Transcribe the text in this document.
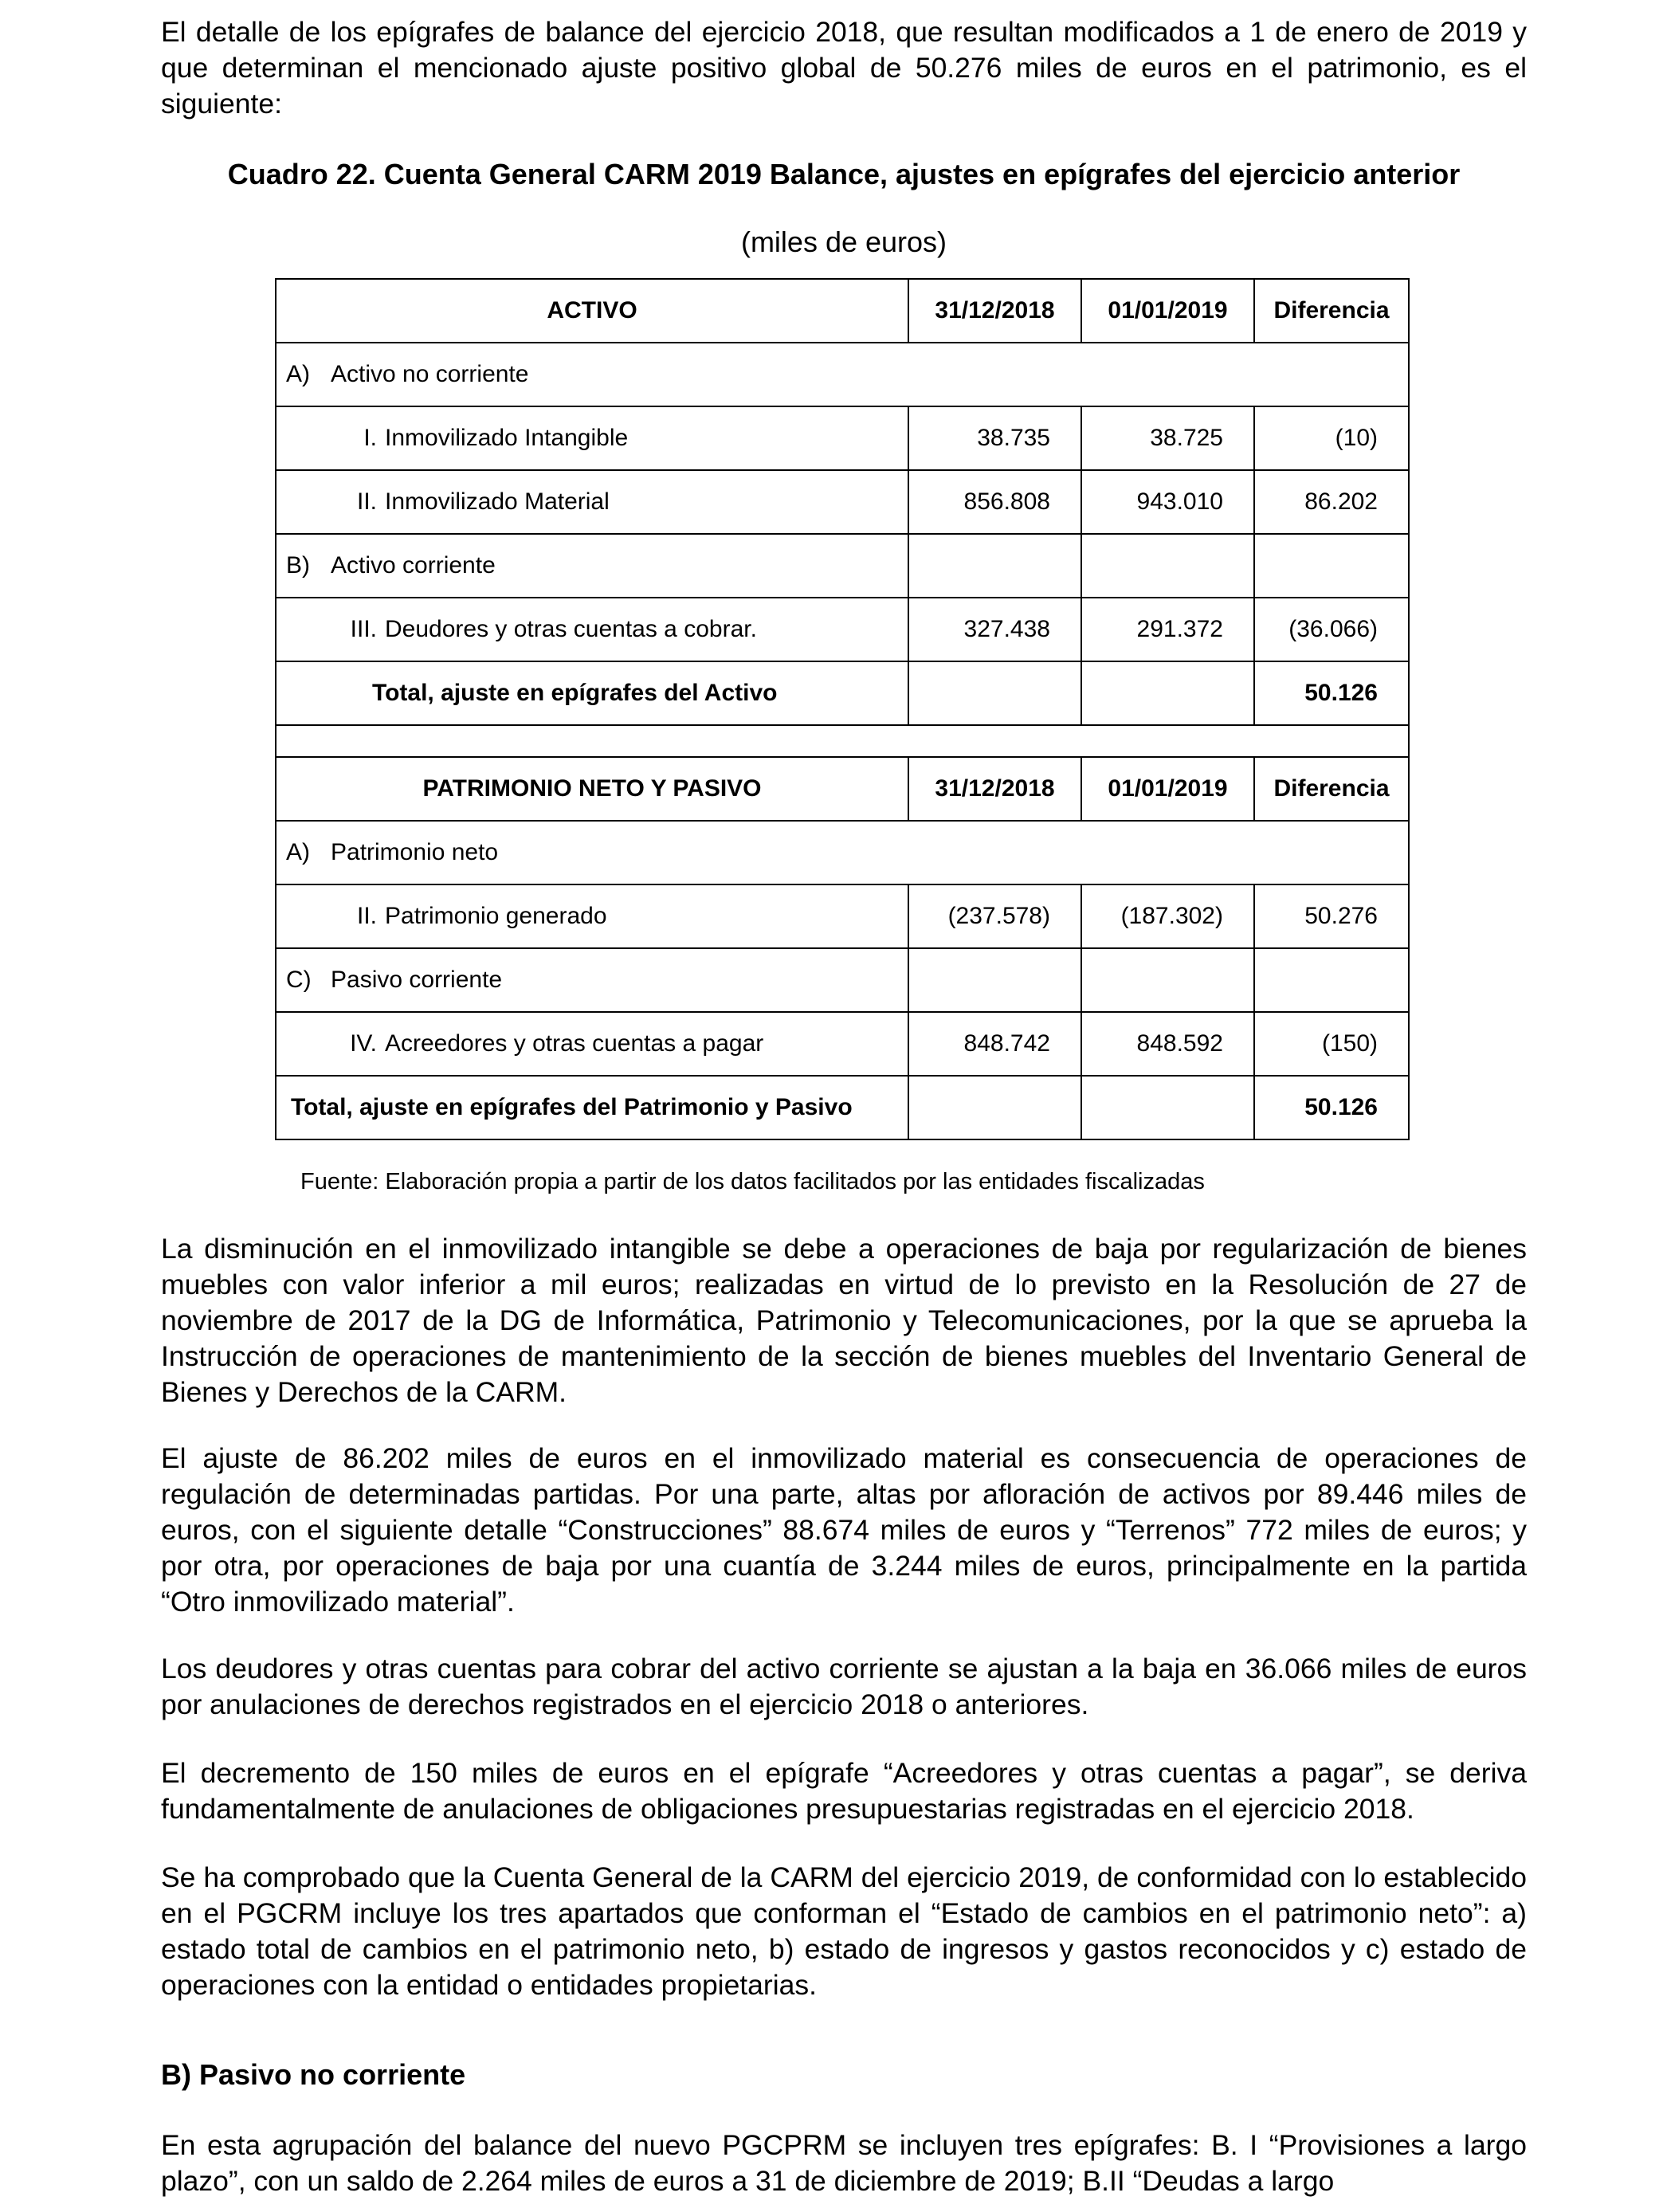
El detalle de los epígrafes de balance del ejercicio 2018, que resultan modificados a 1 de enero de 2019 y que determinan el mencionado ajuste positivo global de 50.276 miles de euros en el patrimonio, es el siguiente:

Cuadro 22. Cuenta General CARM 2019 Balance, ajustes en epígrafes del ejercicio anterior
(miles de euros)
ACTIVO	31/12/2018	01/01/2019	Diferencia
A) Activo no corriente			
I. Inmovilizado Intangible	38.735	38.725	(10)
II. Inmovilizado Material	856.808	943.010	86.202
B) Activo corriente			
III. Deudores y otras cuentas a cobrar.	327.438	291.372	(36.066)
Total, ajuste en epígrafes del Activo			50.126

PATRIMONIO NETO Y PASIVO	31/12/2018	01/01/2019	Diferencia
A) Patrimonio neto			
II. Patrimonio generado	(237.578)	(187.302)	50.276
C) Pasivo corriente			
IV. Acreedores y otras cuentas a pagar	848.742	848.592	(150)
Total, ajuste en epígrafes del Patrimonio y Pasivo			50.126
Fuente: Elaboración propia a partir de los datos facilitados por las entidades fiscalizadas

La disminución en el inmovilizado intangible se debe a operaciones de baja por regularización de bienes muebles con valor inferior a mil euros; realizadas en virtud de lo previsto en la Resolución de 27 de noviembre de 2017 de la DG de Informática, Patrimonio y Telecomunicaciones, por la que se aprueba la Instrucción de operaciones de mantenimiento de la sección de bienes muebles del Inventario General de Bienes y Derechos de la CARM.

El ajuste de 86.202 miles de euros en el inmovilizado material es consecuencia de operaciones de regulación de determinadas partidas. Por una parte, altas por afloración de activos por 89.446 miles de euros, con el siguiente detalle “Construcciones” 88.674 miles de euros y “Terrenos” 772 miles de euros; y por otra, por operaciones de baja por una cuantía de 3.244 miles de euros, principalmente en la partida “Otro inmovilizado material”.

Los deudores y otras cuentas para cobrar del activo corriente se ajustan a la baja en 36.066 miles de euros por anulaciones de derechos registrados en el ejercicio 2018 o anteriores.

El decremento de 150 miles de euros en el epígrafe “Acreedores y otras cuentas a pagar”, se deriva fundamentalmente de anulaciones de obligaciones presupuestarias registradas en el ejercicio 2018.

Se ha comprobado que la Cuenta General de la CARM del ejercicio 2019, de conformidad con lo establecido en el PGCRM incluye los tres apartados que conforman el “Estado de cambios en el patrimonio neto”: a) estado total de cambios en el patrimonio neto, b) estado de ingresos y gastos reconocidos y c) estado de operaciones con la entidad o entidades propietarias.

B) Pasivo no corriente

En esta agrupación del balance del nuevo PGCPRM se incluyen tres epígrafes: B. I “Provisiones a largo plazo”, con un saldo de 2.264 miles de euros a 31 de diciembre de 2019; B.II “Deudas a largo
